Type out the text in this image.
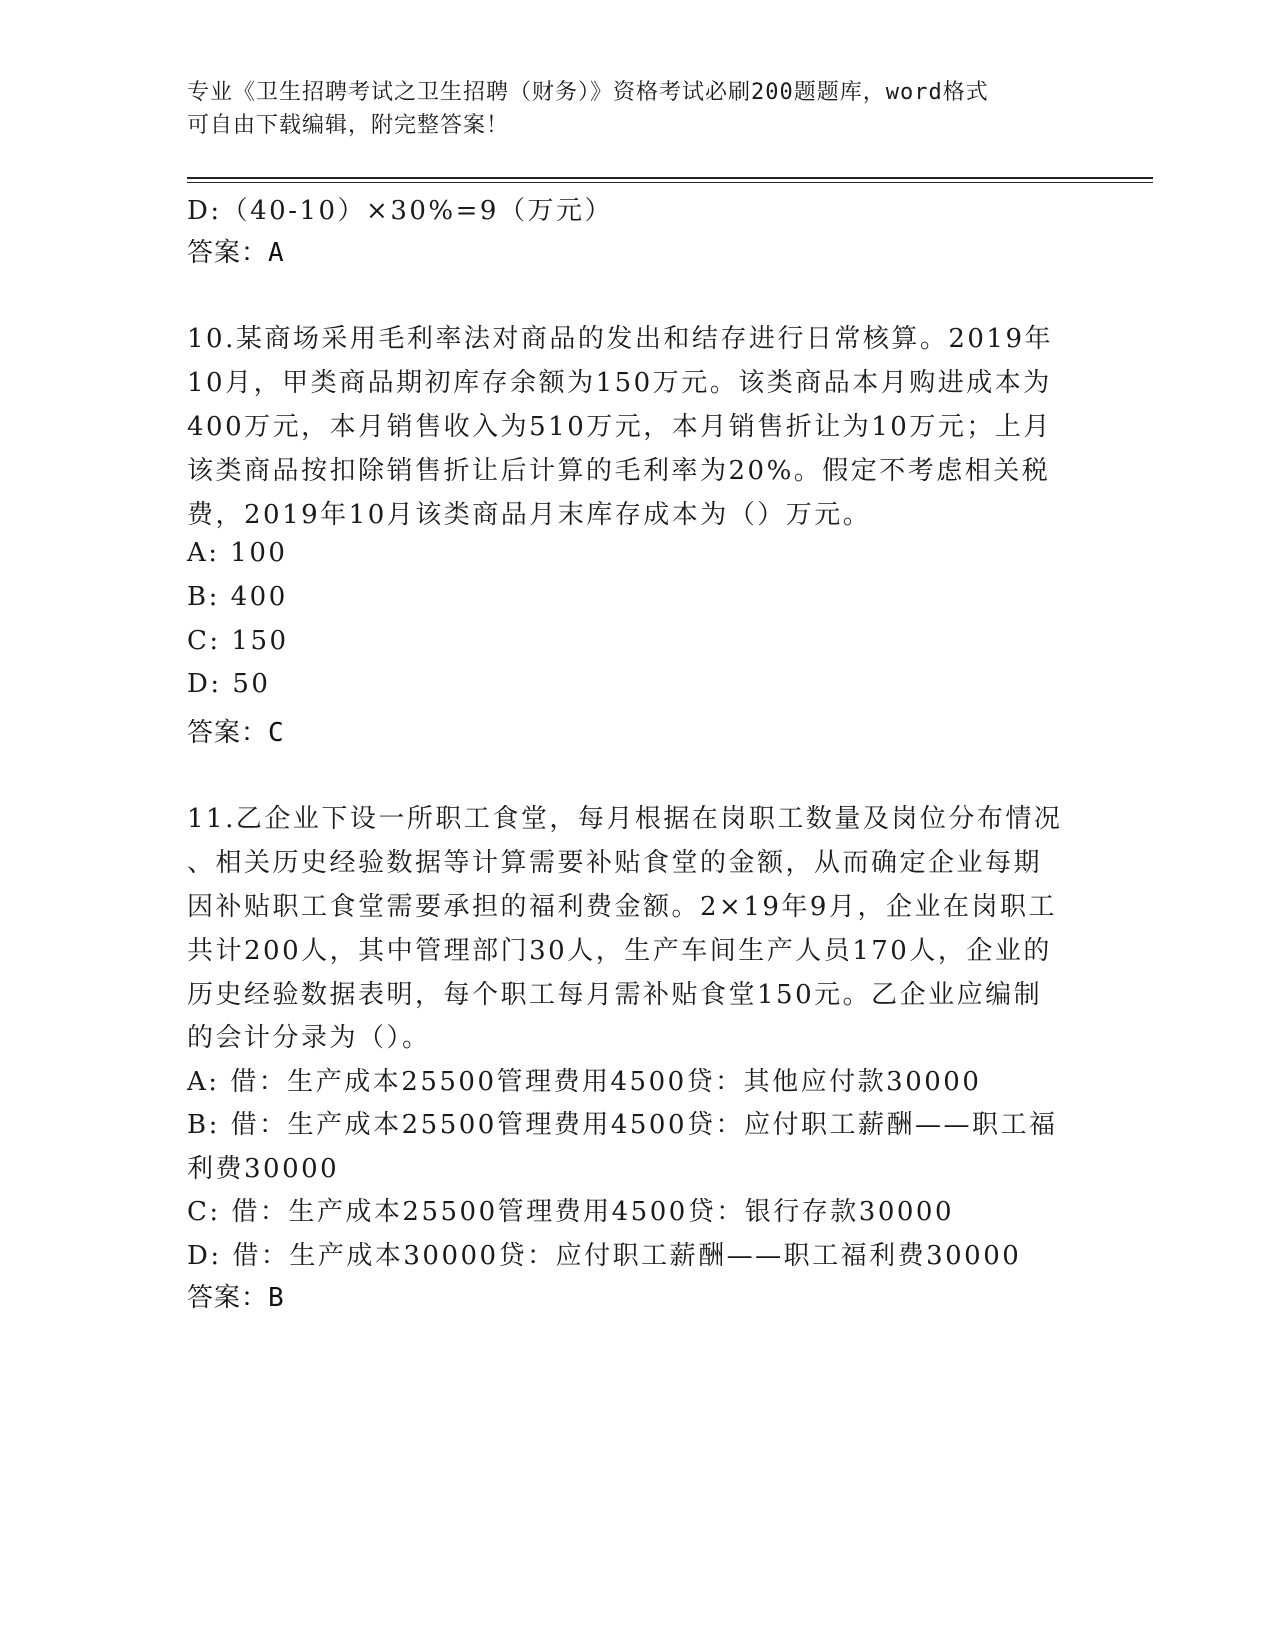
专业《卫生招聘考试之卫生招聘（财务）》资格考试必刷200题题库，word格式
可自由下载编辑，附完整答案！
D:（40-10）×30%=9（万元）
答案：A
10.某商场采用毛利率法对商品的发出和结存进行日常核算。2019年
10月，甲类商品期初库存余额为150万元。该类商品本月购进成本为
400万元，本月销售收入为510万元，本月销售折让为10万元；上月
该类商品按扣除销售折让后计算的毛利率为20%。假定不考虑相关税
费，2019年10月该类商品月末库存成本为（）万元。
A: 100
B: 400
C: 150
D: 50
答案：C
11.乙企业下设一所职工食堂，每月根据在岗职工数量及岗位分布情况
、相关历史经验数据等计算需要补贴食堂的金额，从而确定企业每期
因补贴职工食堂需要承担的福利费金额。2×19年9月，企业在岗职工
共计200人，其中管理部门30人，生产车间生产人员170人，企业的
历史经验数据表明，每个职工每月需补贴食堂150元。乙企业应编制
的会计分录为（）。
A: 借：生产成本25500管理费用4500贷：其他应付款30000
B: 借：生产成本25500管理费用4500贷：应付职工薪酬——职工福
利费30000
C: 借：生产成本25500管理费用4500贷：银行存款30000
D: 借：生产成本30000贷：应付职工薪酬——职工福利费30000
答案：B
